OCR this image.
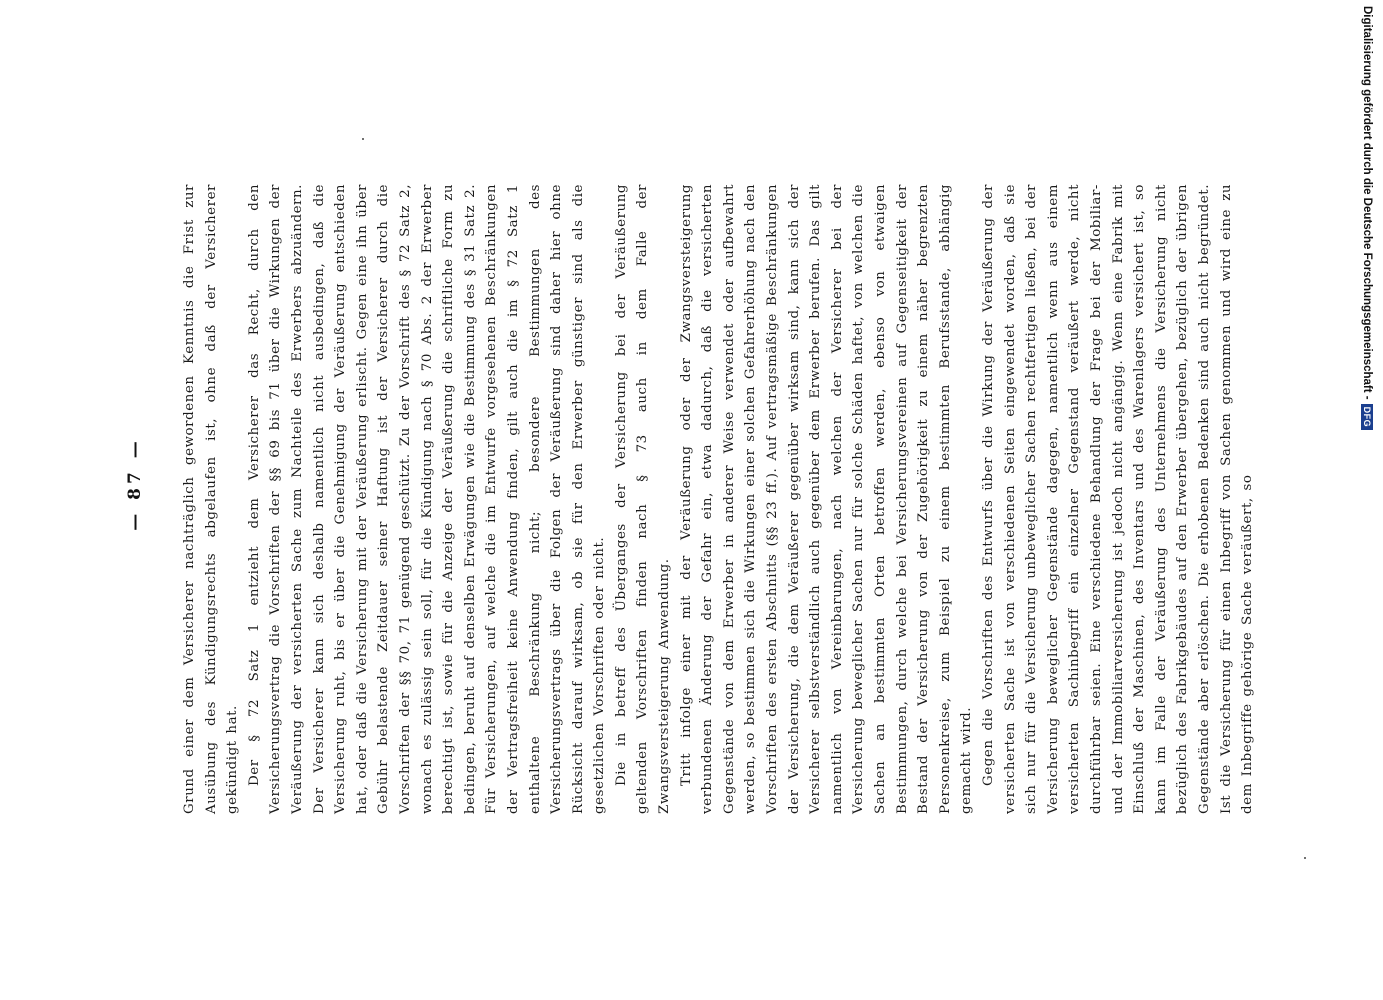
— 87 —	Grund einer dem Versicherer nachträglich gewordenen Kenntnis die Frist zur Ausübung des Kündigungsrechts abgelaufen ist, ohne daß der Versicherer gekündigt hat. Der § 72 Satz 1 entzieht dem Versicherer das Recht, durch den Versicherungsvertrag die Vorschriften der §§ 69 bis 71 über die Wirkungen der Veräußerung der versicherten Sache zum Nachteile des Erwerbers abzuändern. Der Versicherer kann sich deshalb namentlich nicht ausbedingen, daß die Versicherung ruht, bis er über die Genehmigung der Veräußerung entschieden hat, oder daß die Versicherung mit der Veräußerung erlischt. Gegen eine ihn über Gebühr belastende Zeitdauer seiner Haftung ist der Versicherer durch die Vorschriften der §§ 70, 71 genügend geschützt. Zu der Vorschrift des § 72 Satz 2, wonach es zulässig sein soll, für die Kündigung nach § 70 Abs. 2 der Erwerber berechtigt ist, sowie für die Anzeige der Veräußerung die schriftliche Form zu bedingen, beruht auf denselben Erwägungen wie die Bestimmung des § 31 Satz 2. Für Versicherungen, auf welche die im Entwurfe vorgesehenen Beschränkungen der Vertragsfreiheit keine Anwendung finden, gilt auch die im § 72 Satz 1 enthaltene Beschränkung nicht; besondere Bestimmungen des Versicherungsvertrags über die Folgen der Veräußerung sind daher hier ohne Rücksicht darauf wirksam, ob sie für den Erwerber günstiger sind als die gesetzlichen Vorschriften oder nicht. Die in betreff des Überganges der Versicherung bei der Veräußerung geltenden Vorschriften finden nach § 73 auch in dem Falle der Zwangsversteigerung Anwendung. Tritt infolge einer mit der Veräußerung oder der Zwangsversteigerung verbundenen Änderung der Gefahr ein, etwa dadurch, daß die versicherten Gegenstände von dem Erwerber in anderer Weise verwendet oder aufbewahrt werden, so bestimmen sich die Wirkungen einer solchen Gefahrerhöhung nach den Vorschriften des ersten Abschnitts (§§ 23 ff.). Auf vertragsmäßige Beschränkungen der Versicherung, die dem Veräußerer gegenüber wirksam sind, kann sich der Versicherer selbstverständlich auch gegenüber dem Erwerber berufen. Das gilt namentlich von Vereinbarungen, nach welchen der Versicherer bei der Versicherung beweglicher Sachen nur für solche Schäden haftet, von welchen die Sachen an bestimmten Orten betroffen werden, ebenso von etwaigen Bestimmungen, durch welche bei Versicherungsvereinen auf Gegenseitigkeit der Bestand der Versicherung von der Zugehörigkeit zu einem näher begrenzten Personenkreise, zum Beispiel zu einem bestimmten Berufsstande, abhängig gemacht wird. Gegen die Vorschriften des Entwurfs über die Wirkung der Veräußerung der versicherten Sache ist von verschiedenen Seiten eingewendet worden, daß sie sich nur für die Versicherung unbeweglicher Sachen rechtfertigen ließen, bei der Versicherung beweglicher Gegenstände dagegen, namentlich wenn aus einem versicherten Sachinbegriff ein einzelner Gegenstand veräußert werde, nicht durchführbar seien. Eine verschiedene Behandlung der Frage bei der Mobiliar- und der Immobiliarversicherung ist jedoch nicht angängig. Wenn eine Fabrik mit Einschluß der Maschinen, des Inventars und des Warenlagers versichert ist, so kann im Falle der Veräußerung des Unternehmens die Versicherung nicht bezüglich des Fabrikgebäudes auf den Erwerber übergehen, bezüglich der übrigen Gegenstände aber erlöschen. Die erhobenen Bedenken sind auch nicht begründet. Ist die Versicherung für einen Inbegriff von Sachen genommen und wird eine zu dem Inbegriffe gehörige Sache veräußert, so

Digitalisierung gefördert durch die Deutsche Forschungsgemeinschaft -
DFG
